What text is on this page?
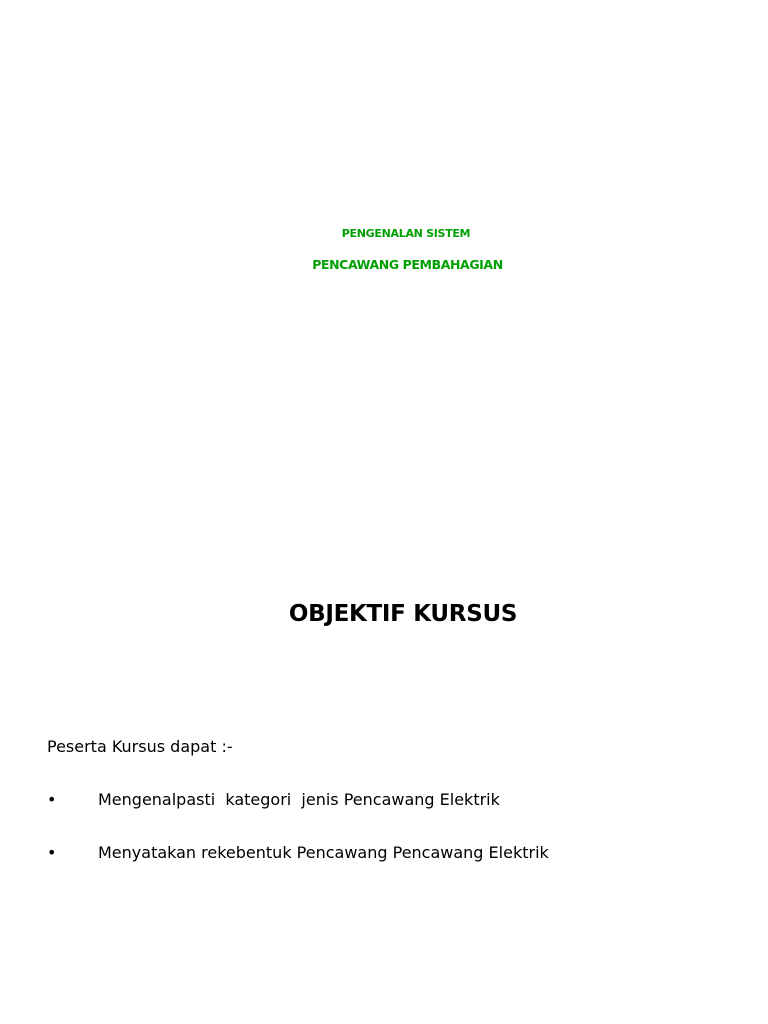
PENGENALAN SISTEM
PENCAWANG PEMBAHAGIAN
OBJEKTIF KURSUS
Peserta Kursus dapat :-
•	Mengenalpasti  kategori  jenis Pencawang Elektrik
•	Menyatakan rekebentuk Pencawang Pencawang Elektrik
